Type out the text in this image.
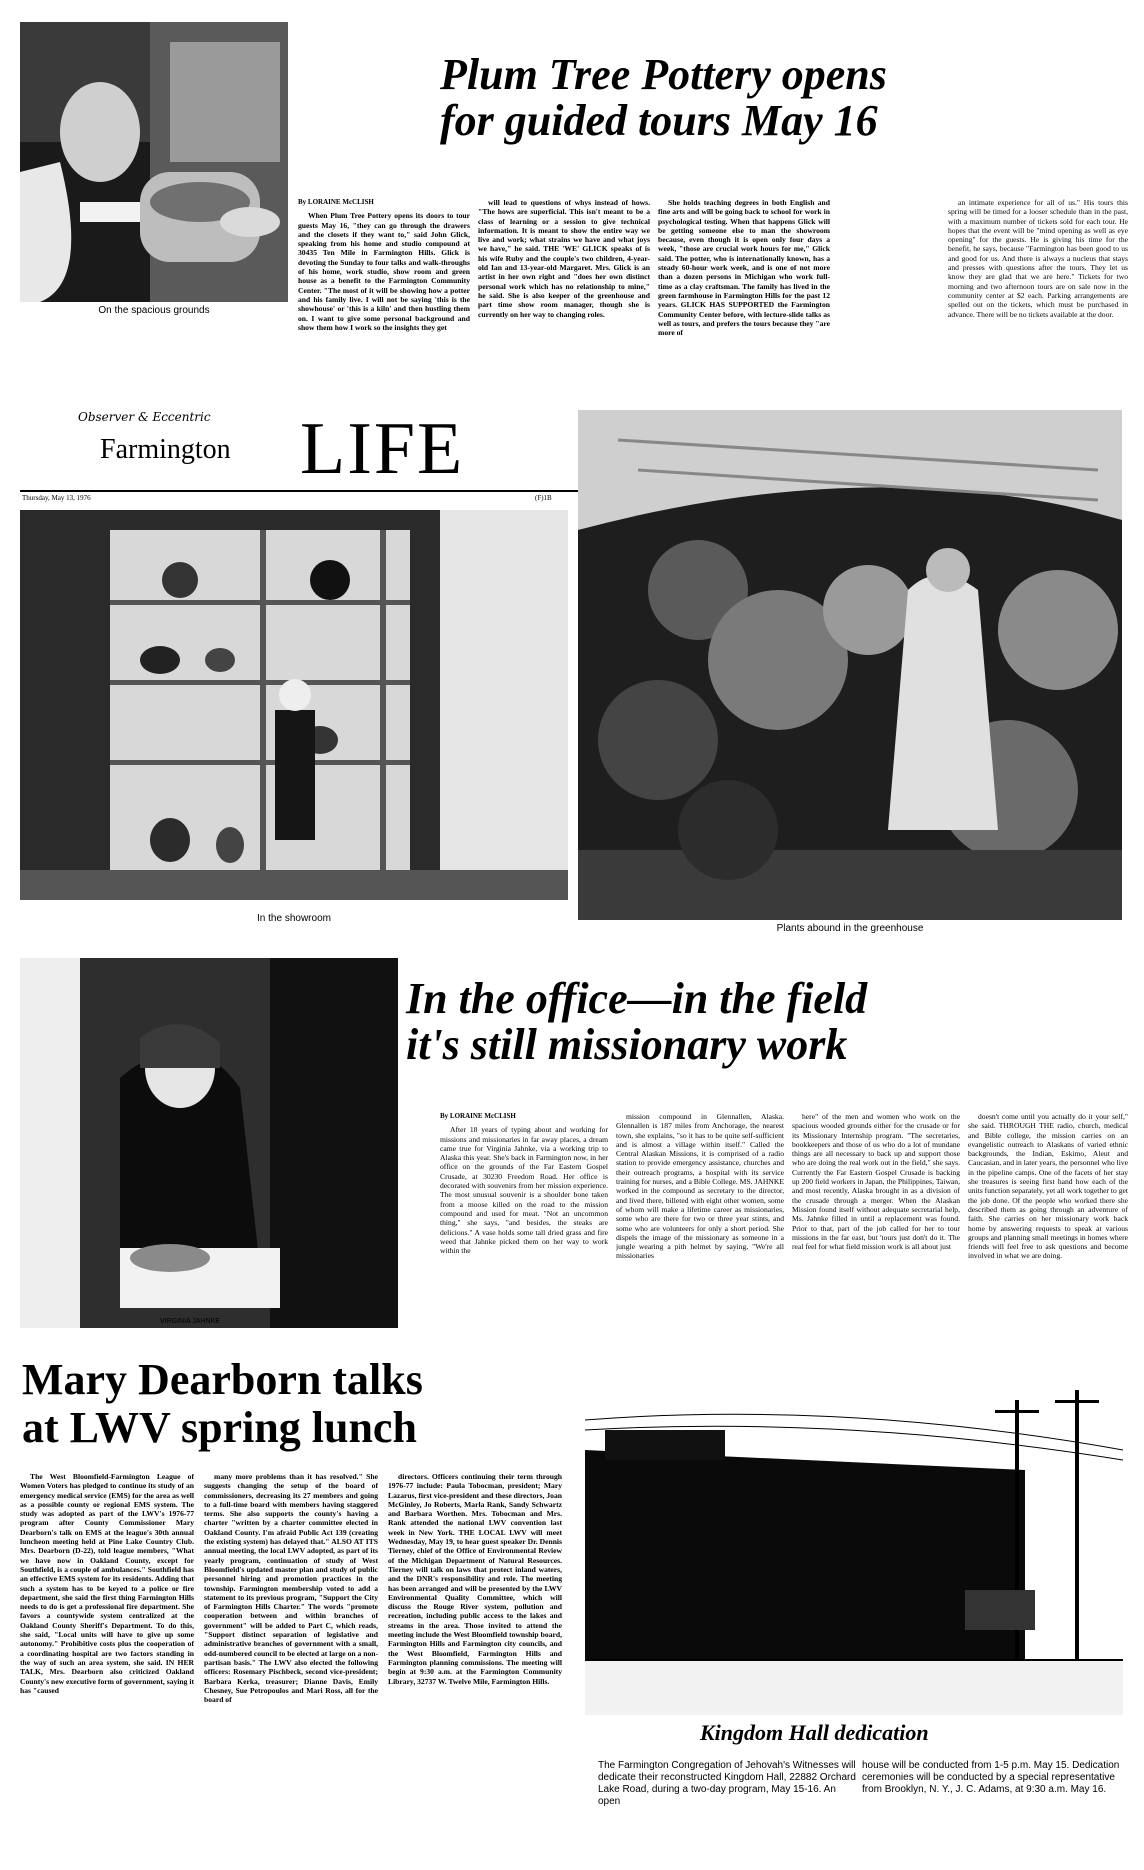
On the spacious grounds
Plum Tree Pottery opens
for guided tours May 16
By LORAINE McCLISH

When Plum Tree Pottery opens its doors to tour guests May 16, "they can go through the drawers and the closets if they want to," said John Glick, speaking from his home and studio compound at 30435 Ten Mile in Farmington Hills. Glick is devoting the Sunday to four talks and walk-throughs of his home, work studio, show room and green house as a benefit to the Farmington Community Center. "The most of it will be showing how a potter and his family live. I will not be saying 'this is the showhouse' or 'this is a kiln' and then hustling them on. I want to give some personal background and show them how I work so the insights they get

will lead to questions of whys instead of hows. "The hows are superficial. This isn't meant to be a class of learning or a session to give technical information. It is meant to show the entire way we live and work; what strains we have and what joys we have," he said. THE 'WE' GLICK speaks of is his wife Ruby and the couple's two children, 4-year-old Ian and 13-year-old Margaret. Mrs. Glick is an artist in her own right and "does her own distinct personal work which has no relationship to mine," he said. She is also keeper of the greenhouse and part time show room manager, though she is currently on her way to changing roles.

She holds teaching degrees in both English and fine arts and will be going back to school for work in psychological testing. When that happens Glick will be getting someone else to man the showroom because, even though it is open only four days a week, "those are crucial work hours for me," Glick said. The potter, who is internationally known, has a steady 60-hour work week, and is one of not more than a dozen persons in Michigan who work full-time as a clay craftsman. The family has lived in the green farmhouse in Farmington Hills for the past 12 years. GLICK HAS SUPPORTED the Farmington Community Center before, with lecture-slide talks as well as tours, and prefers the tours because they "are more of

an intimate experience for all of us." His tours this spring will be timed for a looser schedule than in the past, with a maximum number of tickets sold for each tour. He hopes that the event will be "mind opening as well as eye opening" for the guests. He is giving his time for the benefit, he says, because "Farmington has been good to us and good for us. And there is always a nucleus that stays and presses with questions after the tours. They let us know they are glad that we are here." Tickets for two morning and two afternoon tours are on sale now in the community center at $2 each. Parking arrangements are spelled out on the tickets, which must be purchased in advance. There will be no tickets available at the door.

Observer & Eccentric
Farmington LIFE
Thursday, May 13, 1976	(F)1B
In the showroom
Plants abound in the greenhouse
VIRGINIA JAHNKE
In the office—in the field
it's still missionary work
By LORAINE McCLISH

After 18 years of typing about and working for missions and missionaries in far away places, a dream came true for Virginia Jahnke, via a working trip to Alaska this year. She's back in Farmington now, in her office on the grounds of the Far Eastern Gospel Crusade, at 30230 Freedom Road. Her office is decorated with souvenirs from her mission experience. The most unusual souvenir is a shoulder bone taken from a moose killed on the road to the mission compound and used for meat. "Not an uncommon thing," she says, "and besides, the steaks are delicious." A vase holds some tall dried grass and fire weed that Jahnke picked them on her way to work within the

mission compound in Glennallen, Alaska. Glennallen is 187 miles from Anchorage, the nearest town, she explains, "so it has to be quite self-sufficient and is almost a village within itself." Called the Central Alaskan Missions, it is comprised of a radio station to provide emergency assistance, churches and their outreach programs, a hospital with its service training for nurses, and a Bible College. MS. JAHNKE worked in the compound as secretary to the director, and lived there, billeted with eight other women, some of whom will make a lifetime career as missionaries, some who are there for two or three year stints, and some who are volunteers for only a short period. She dispels the image of the missionary as someone in a jungle wearing a pith helmet by saying, "We're all missionaries

here" of the men and women who work on the spacious wooded grounds either for the crusade or for its Missionary Internship program. "The secretaries, bookkeepers and those of us who do a lot of mundane things are all necessary to back up and support those who are doing the real work out in the field," she says. Currently the Far Eastern Gospel Crusade is backing up 200 field workers in Japan, the Philippines, Taiwan, and most recently, Alaska brought in as a division of the crusade through a merger. When the Alaskan Mission found itself without adequate secretarial help, Ms. Jahnke filled in until a replacement was found. Prior to that, part of the job called for her to tour missions in the far east, but 'tours just don't do it. The real feel for what field mission work is all about just

doesn't come until you actually do it your self," she said. THROUGH THE radio, church, medical and Bible college, the mission carries on an evangelistic outreach to Alaskans of varied ethnic backgrounds, the Indian, Eskimo, Aleut and Caucasian, and in later years, the personnel who live in the pipeline camps. One of the facets of her stay she treasures is seeing first hand how each of the units function separately, yet all work together to get the job done. Of the people who worked there she described them as going through an adventure of faith. She carries on her missionary work back home by answering requests to speak at various groups and planning small meetings in homes where friends will feel free to ask questions and become involved in what we are doing.

Mary Dearborn talks
at LWV spring lunch

The West Bloomfield-Farmington League of Women Voters has pledged to continue its study of an emergency medical service (EMS) for the area as well as a possible county or regional EMS system. The study was adopted as part of the LWV's 1976-77 program after County Commissioner Mary Dearborn's talk on EMS at the league's 30th annual luncheon meeting held at Pine Lake Country Club. Mrs. Dearborn (D-22), told league members, "What we have now in Oakland County, except for Southfield, is a couple of ambulances." Southfield has an effective EMS system for its residents. Adding that such a system has to be keyed to a police or fire department, she said the first thing Farmington Hills needs to do is get a professional fire department. She favors a countywide system centralized at the Oakland County Sheriff's Department. To do this, she said, "Local units will have to give up some autonomy." Prohibitive costs plus the cooperation of a coordinating hospital are two factors standing in the way of such an area system, she said. IN HER TALK, Mrs. Dearborn also criticized Oakland County's new executive form of government, saying it has "caused

many more problems than it has resolved." She suggests changing the setup of the board of commissioners, decreasing its 27 members and going to a full-time board with members having staggered terms. She also supports the county's having a charter "written by a charter committee elected in Oakland County. I'm afraid Public Act 139 (creating the existing system) has delayed that." ALSO AT ITS annual meeting, the local LWV adopted, as part of its yearly program, continuation of study of West Bloomfield's updated master plan and study of public personnel hiring and promotion practices in the township. Farmington membership voted to add a statement to its previous program, "Support the City of Farmington Hills Charter." The words "promote cooperation between and within branches of government" will be added to Part C, which reads, "Support distinct separation of legislative and administrative branches of government with a small, odd-numbered council to be elected at large on a non-partisan basis." The LWV also elected the following officers: Rosemary Pischbeck, second vice-president; Barbara Kerka, treasurer; Dianne Davis, Emily Chesney, Sue Petropoulos and Mari Ross, all for the board of

directors. Officers continuing their term through 1976-77 include: Paula Tobocman, president; Mary Lazarus, first vice-president and these directors, Joan McGinley, Jo Roberts, Marla Rank, Sandy Schwartz and Barbara Worthen. Mrs. Tobocman and Mrs. Rank attended the national LWV convention last week in New York. THE LOCAL LWV will meet Wednesday, May 19, to hear guest speaker Dr. Dennis Tierney, chief of the Office of Environmental Review of the Michigan Department of Natural Resources. Tierney will talk on laws that protect inland waters, and the DNR's responsibility and role. The meeting has been arranged and will be presented by the LWV Environmental Quality Committee, which will discuss the Rouge River system, pollution and recreation, including public access to the lakes and streams in the area. Those invited to attend the meeting include the West Bloomfield township board, Farmington Hills and Farmington city councils, and the West Bloomfield, Farmington Hills and Farmington planning commissions. The meeting will begin at 9:30 a.m. at the Farmington Community Library, 32737 W. Twelve Mile, Farmington Hills.

Kingdom Hall dedication
The Farmington Congregation of Jehovah's Witnesses will dedicate their reconstructed Kingdom Hall, 22882 Orchard Lake Road, during a two-day program, May 15-16. An open
house will be conducted from 1-5 p.m. May 15. Dedication ceremonies will be conducted by a special representative from Brooklyn, N. Y., J. C. Adams, at 9:30 a.m. May 16.
